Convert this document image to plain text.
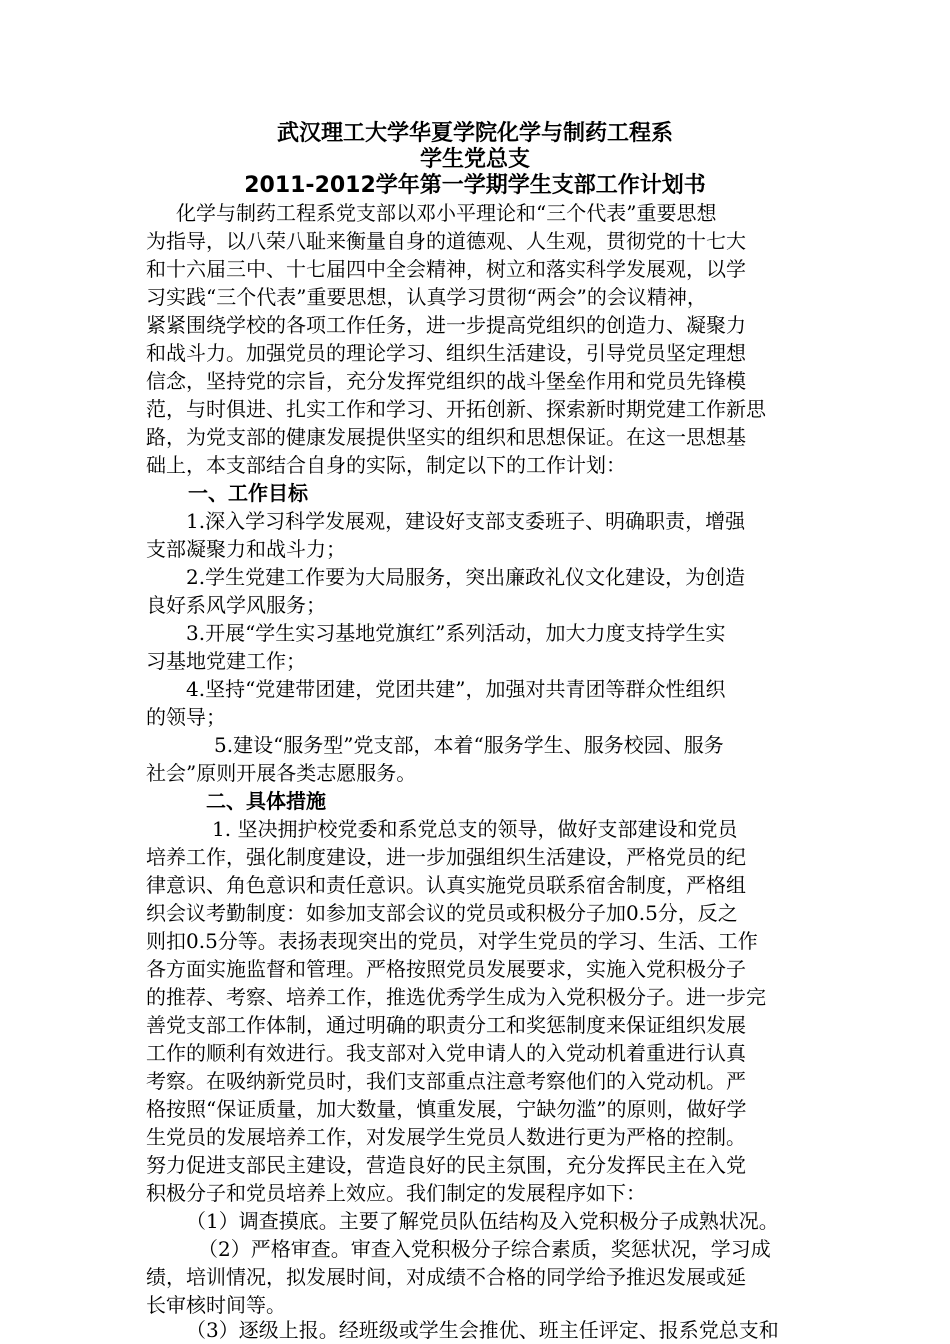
武汉理工大学华夏学院化学与制药工程系
学生党总支
2011-2012学年第一学期学生支部工作计划书
化学与制药工程系党支部以邓小平理论和“三个代表”重要思想
为指导，以八荣八耻来衡量自身的道德观、人生观，贯彻党的十七大
和十六届三中、十七届四中全会精神，树立和落实科学发展观，以学
习实践“三个代表”重要思想，认真学习贯彻“两会”的会议精神，
紧紧围绕学校的各项工作任务，进一步提高党组织的创造力、凝聚力
和战斗力。加强党员的理论学习、组织生活建设，引导党员坚定理想
信念，坚持党的宗旨，充分发挥党组织的战斗堡垒作用和党员先锋模
范，与时俱进、扎实工作和学习、开拓创新、探索新时期党建工作新思
路，为党支部的健康发展提供坚实的组织和思想保证。在这一思想基
础上，本支部结合自身的实际，制定以下的工作计划：
一、工作目标
1.深入学习科学发展观，建设好支部支委班子、明确职责，增强
支部凝聚力和战斗力；
2.学生党建工作要为大局服务，突出廉政礼仪文化建设，为创造
良好系风学风服务；
3.开展“学生实习基地党旗红”系列活动，加大力度支持学生实
习基地党建工作；
4.坚持“党建带团建，党团共建”，加强对共青团等群众性组织
的领导；
5.建设“服务型”党支部，本着“服务学生、服务校园、服务
社会”原则开展各类志愿服务。
二、具体措施
1. 坚决拥护校党委和系党总支的领导，做好支部建设和党员
培养工作，强化制度建设，进一步加强组织生活建设，严格党员的纪
律意识、角色意识和责任意识。认真实施党员联系宿舍制度，严格组
织会议考勤制度：如参加支部会议的党员或积极分子加0.5分，反之
则扣0.5分等。表扬表现突出的党员，对学生党员的学习、生活、工作
各方面实施监督和管理。严格按照党员发展要求，实施入党积极分子
的推荐、考察、培养工作，推选优秀学生成为入党积极分子。进一步完
善党支部工作体制，通过明确的职责分工和奖惩制度来保证组织发展
工作的顺利有效进行。我支部对入党申请人的入党动机着重进行认真
考察。在吸纳新党员时，我们支部重点注意考察他们的入党动机。严
格按照“保证质量，加大数量，慎重发展，宁缺勿滥”的原则，做好学
生党员的发展培养工作，对发展学生党员人数进行更为严格的控制。
努力促进支部民主建设，营造良好的民主氛围，充分发挥民主在入党
积极分子和党员培养上效应。我们制定的发展程序如下：
（1）调查摸底。主要了解党员队伍结构及入党积极分子成熟状况。
（2）严格审查。审查入党积极分子综合素质，奖惩状况，学习成
绩，培训情况，拟发展时间，对成绩不合格的同学给予推迟发展或延
长审核时间等。
（3）逐级上报。经班级或学生会推优、班主任评定、报系党总支和
